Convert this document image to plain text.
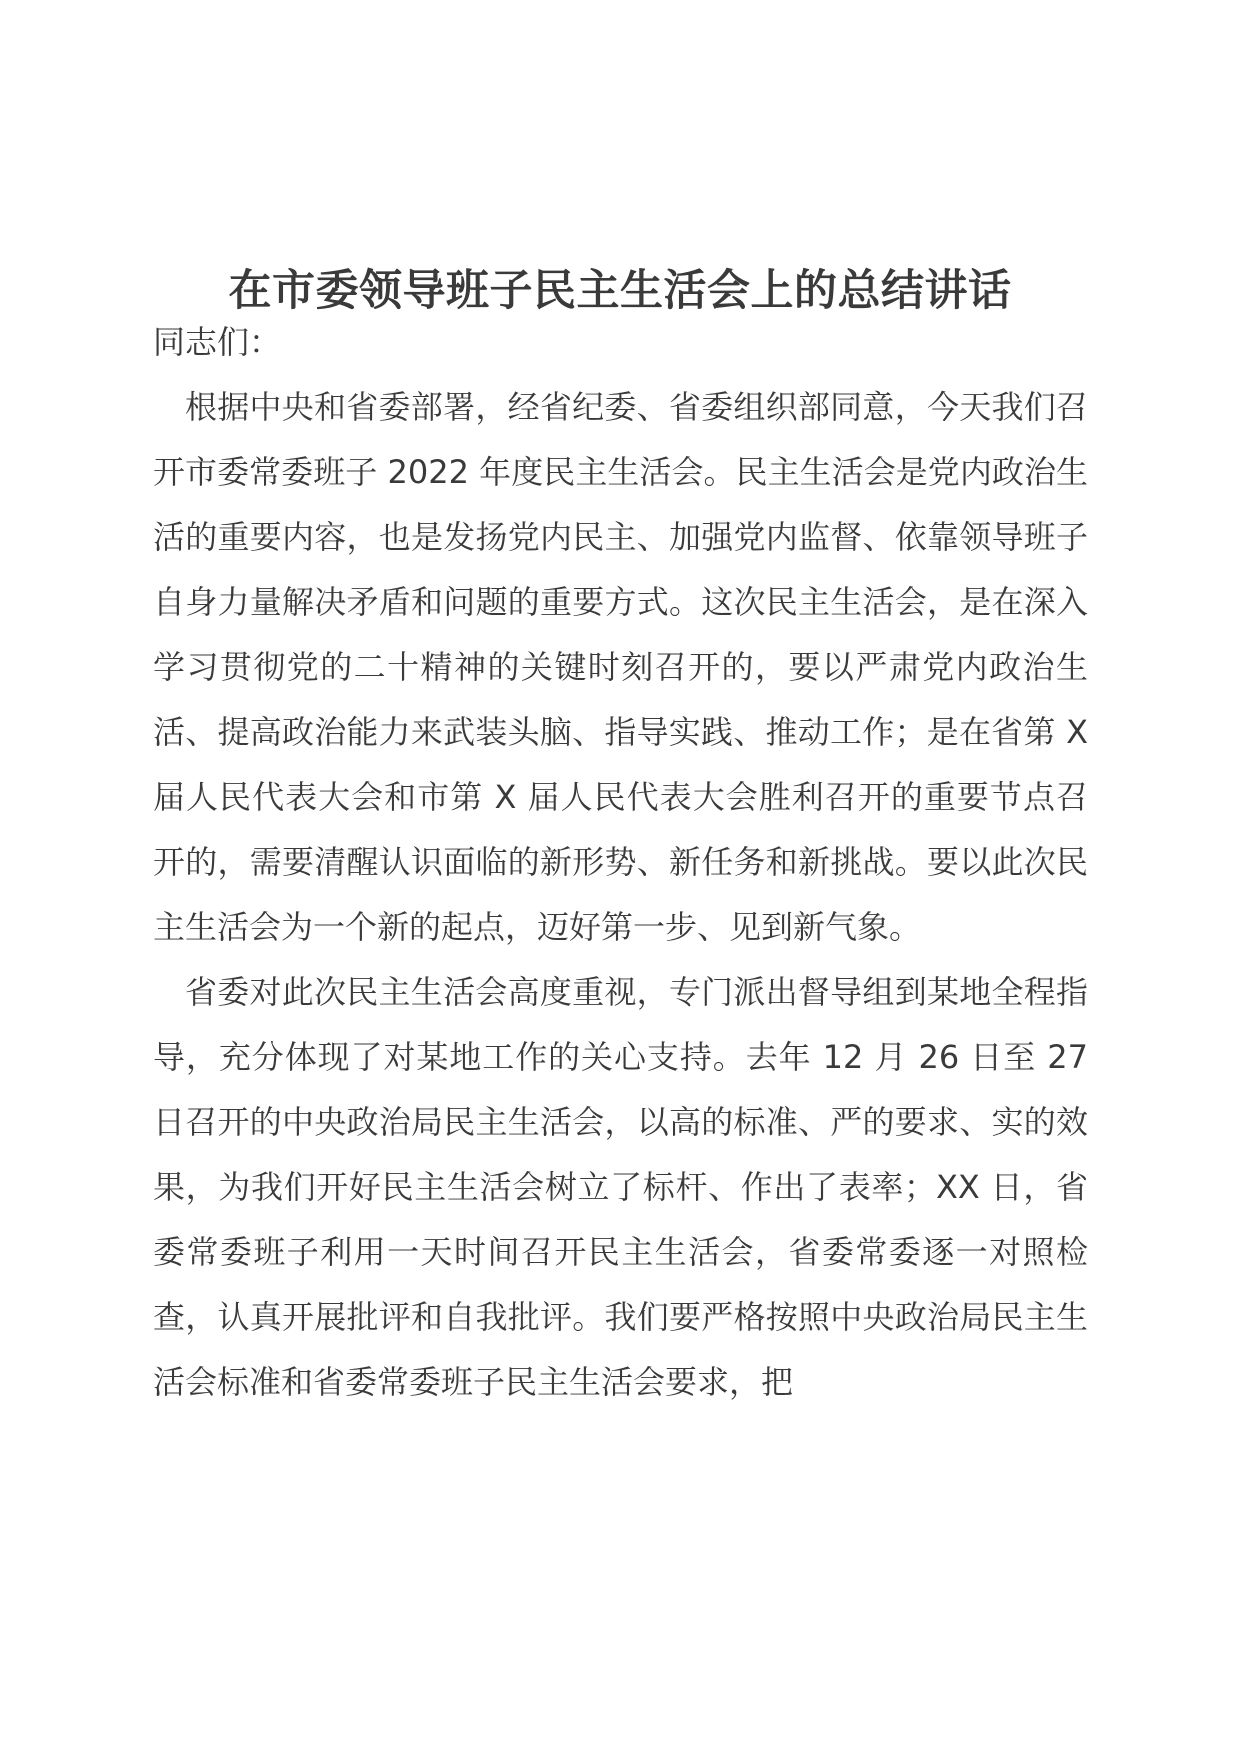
在市委领导班子民主生活会上的总结讲话

同志们：

根据中央和省委部署，经省纪委、省委组织部同意，今天我们召开市委常委班子 2022 年度民主生活会。民主生活会是党内政治生活的重要内容，也是发扬党内民主、加强党内监督、依靠领导班子自身力量解决矛盾和问题的重要方式。这次民主生活会，是在深入学习贯彻党的二十精神的关键时刻召开的，要以严肃党内政治生活、提高政治能力来武装头脑、指导实践、推动工作；是在省第 X 届人民代表大会和市第 X 届人民代表大会胜利召开的重要节点召开的，需要清醒认识面临的新形势、新任务和新挑战。要以此次民主生活会为一个新的起点，迈好第一步、见到新气象。

省委对此次民主生活会高度重视，专门派出督导组到某地全程指导，充分体现了对某地工作的关心支持。去年 12 月 26 日至 27 日召开的中央政治局民主生活会，以高的标准、严的要求、实的效果，为我们开好民主生活会树立了标杆、作出了表率；XX 日，省委常委班子利用一天时间召开民主生活会，省委常委逐一对照检查，认真开展批评和自我批评。我们要严格按照中央政治局民主生活会标准和省委常委班子民主生活会要求，把
